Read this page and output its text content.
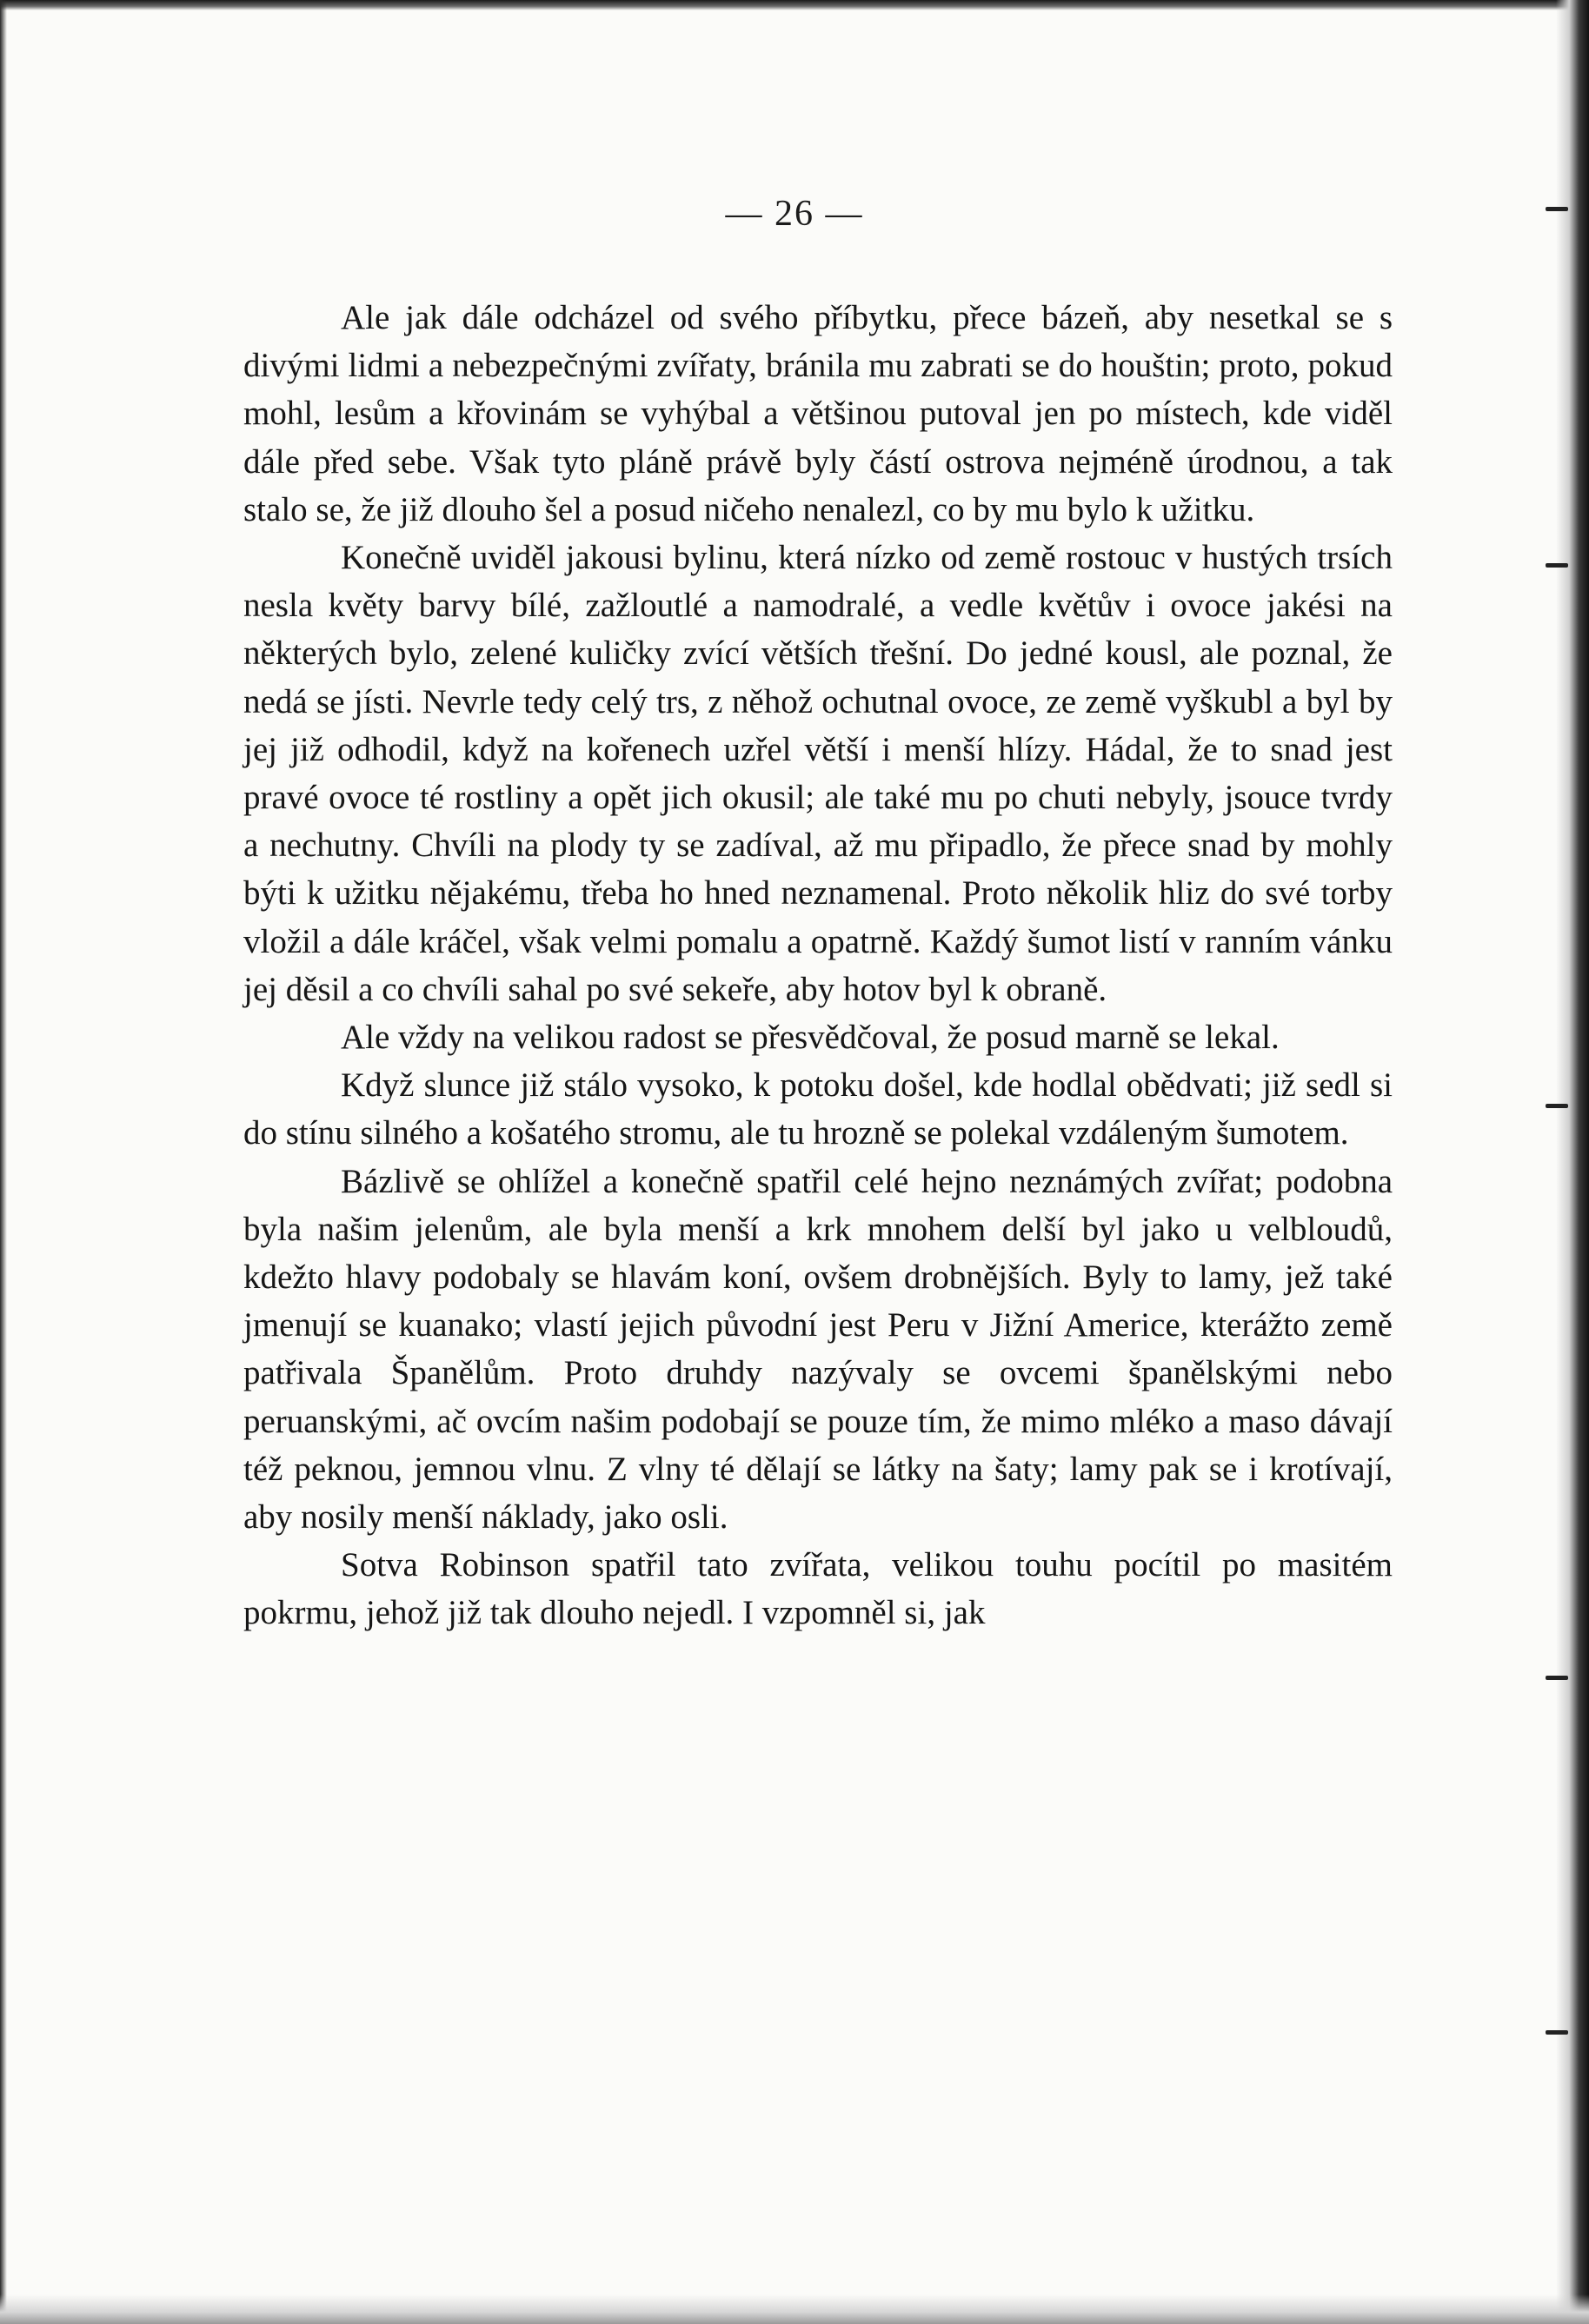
— 26 —

Ale jak dále odcházel od svého příbytku, přece bázeň, aby nesetkal se s divými lidmi a nebezpečnými zvířaty, bránila mu zabrati se do houštin; proto, pokud mohl, lesům a křovinám se vyhýbal a většinou putoval jen po místech, kde viděl dále před sebe. Však tyto pláně právě byly částí ostrova nejméně úrodnou, a tak stalo se, že již dlouho šel a posud ničeho nenalezl, co by mu bylo k užitku.

Konečně uviděl jakousi bylinu, která nízko od země rostouc v hustých trsích nesla květy barvy bílé, zažloutlé a namodralé, a vedle květův i ovoce jakési na některých bylo, zelené kuličky zvící větších třešní. Do jedné kousl, ale poznal, že nedá se jísti. Nevrle tedy celý trs, z něhož ochutnal ovoce, ze země vyškubl a byl by jej již odhodil, když na kořenech uzřel větší i menší hlízy. Hádal, že to snad jest pravé ovoce té rostliny a opět jich okusil; ale také mu po chuti nebyly, jsouce tvrdy a nechutny. Chvíli na plody ty se zadíval, až mu připadlo, že přece snad by mohly býti k užitku nějakému, třeba ho hned neznamenal. Proto několik hliz do své torby vložil a dále kráčel, však velmi pomalu a opatrně. Každý šumot listí v ranním vánku jej děsil a co chvíli sahal po své sekeře, aby hotov byl k obraně.

Ale vždy na velikou radost se přesvědčoval, že posud marně se lekal.

Když slunce již stálo vysoko, k potoku došel, kde hodlal obědvati; již sedl si do stínu silného a košatého stromu, ale tu hrozně se polekal vzdáleným šumotem.

Bázlivě se ohlížel a konečně spatřil celé hejno neznámých zvířat; podobna byla našim jelenům, ale byla menší a krk mnohem delší byl jako u velbloudů, kdežto hlavy podobaly se hlavám koní, ovšem drobnějších. Byly to lamy, jež také jmenují se kuanako; vlastí jejich původní jest Peru v Jižní Americe, kterážto země patřivala Španělům. Proto druhdy nazývaly se ovcemi španělskými nebo peruanskými, ač ovcím našim podobají se pouze tím, že mimo mléko a maso dávají též peknou, jemnou vlnu. Z vlny té dělají se látky na šaty; lamy pak se i krotívají, aby nosily menší náklady, jako osli.

Sotva Robinson spatřil tato zvířata, velikou touhu pocítil po masitém pokrmu, jehož již tak dlouho nejedl. I vzpomněl si, jak
